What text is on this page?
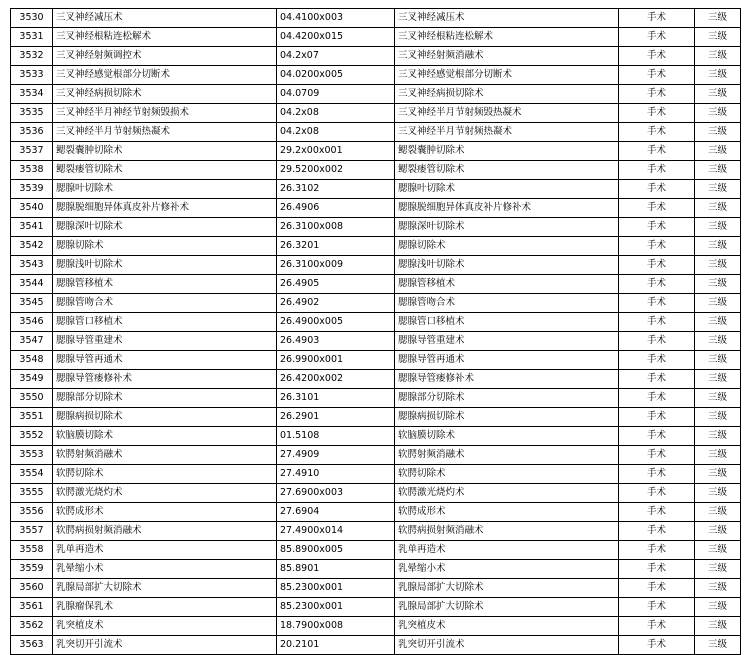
3530	三叉神经减压术	04.4100x003	三叉神经减压术	手术	三级
3531	三叉神经根粘连松解术	04.4200x015	三叉神经根粘连松解术	手术	三级
3532	三叉神经射频调控术	04.2x07	三叉神经射频消融术	手术	三级
3533	三叉神经感觉根部分切断术	04.0200x005	三叉神经感觉根部分切断术	手术	三级
3534	三叉神经病损切除术	04.0709	三叉神经病损切除术	手术	三级
3535	三叉神经半月神经节射频毁损术	04.2x08	三叉神经半月节射频毁热凝术	手术	三级
3536	三叉神经半月节射频热凝术	04.2x08	三叉神经半月节射频热凝术	手术	三级
3537	鳃裂囊肿切除术	29.2x00x001	鳃裂囊肿切除术	手术	三级
3538	鳃裂瘘管切除术	29.5200x002	鳃裂瘘管切除术	手术	三级
3539	腮腺叶切除术	26.3102	腮腺叶切除术	手术	三级
3540	腮腺脱细胞异体真皮补片修补术	26.4906	腮腺脱细胞异体真皮补片修补术	手术	三级
3541	腮腺深叶切除术	26.3100x008	腮腺深叶切除术	手术	三级
3542	腮腺切除术	26.3201	腮腺切除术	手术	三级
3543	腮腺浅叶切除术	26.3100x009	腮腺浅叶切除术	手术	三级
3544	腮腺管移植术	26.4905	腮腺管移植术	手术	三级
3545	腮腺管吻合术	26.4902	腮腺管吻合术	手术	三级
3546	腮腺管口移植术	26.4900x005	腮腺管口移植术	手术	三级
3547	腮腺导管重建术	26.4903	腮腺导管重建术	手术	三级
3548	腮腺导管再通术	26.9900x001	腮腺导管再通术	手术	三级
3549	腮腺导管瘘修补术	26.4200x002	腮腺导管瘘修补术	手术	三级
3550	腮腺部分切除术	26.3101	腮腺部分切除术	手术	三级
3551	腮腺病损切除术	26.2901	腮腺病损切除术	手术	三级
3552	软脑膜切除术	01.5108	软脑膜切除术	手术	三级
3553	软腭射频消融术	27.4909	软腭射频消融术	手术	三级
3554	软腭切除术	27.4910	软腭切除术	手术	三级
3555	软腭激光烧灼术	27.6900x003	软腭激光烧灼术	手术	三级
3556	软腭成形术	27.6904	软腭成形术	手术	三级
3557	软腭病损射频消融术	27.4900x014	软腭病损射频消融术	手术	三级
3558	乳单再造术	85.8900x005	乳单再造术	手术	三级
3559	乳晕缩小术	85.8901	乳晕缩小术	手术	三级
3560	乳腺局部扩大切除术	85.2300x001	乳腺局部扩大切除术	手术	三级
3561	乳腺瘤保乳术	85.2300x001	乳腺局部扩大切除术	手术	三级
3562	乳突植皮术	18.7900x008	乳突植皮术	手术	三级
3563	乳突切开引流术	20.2101	乳突切开引流术	手术	三级
